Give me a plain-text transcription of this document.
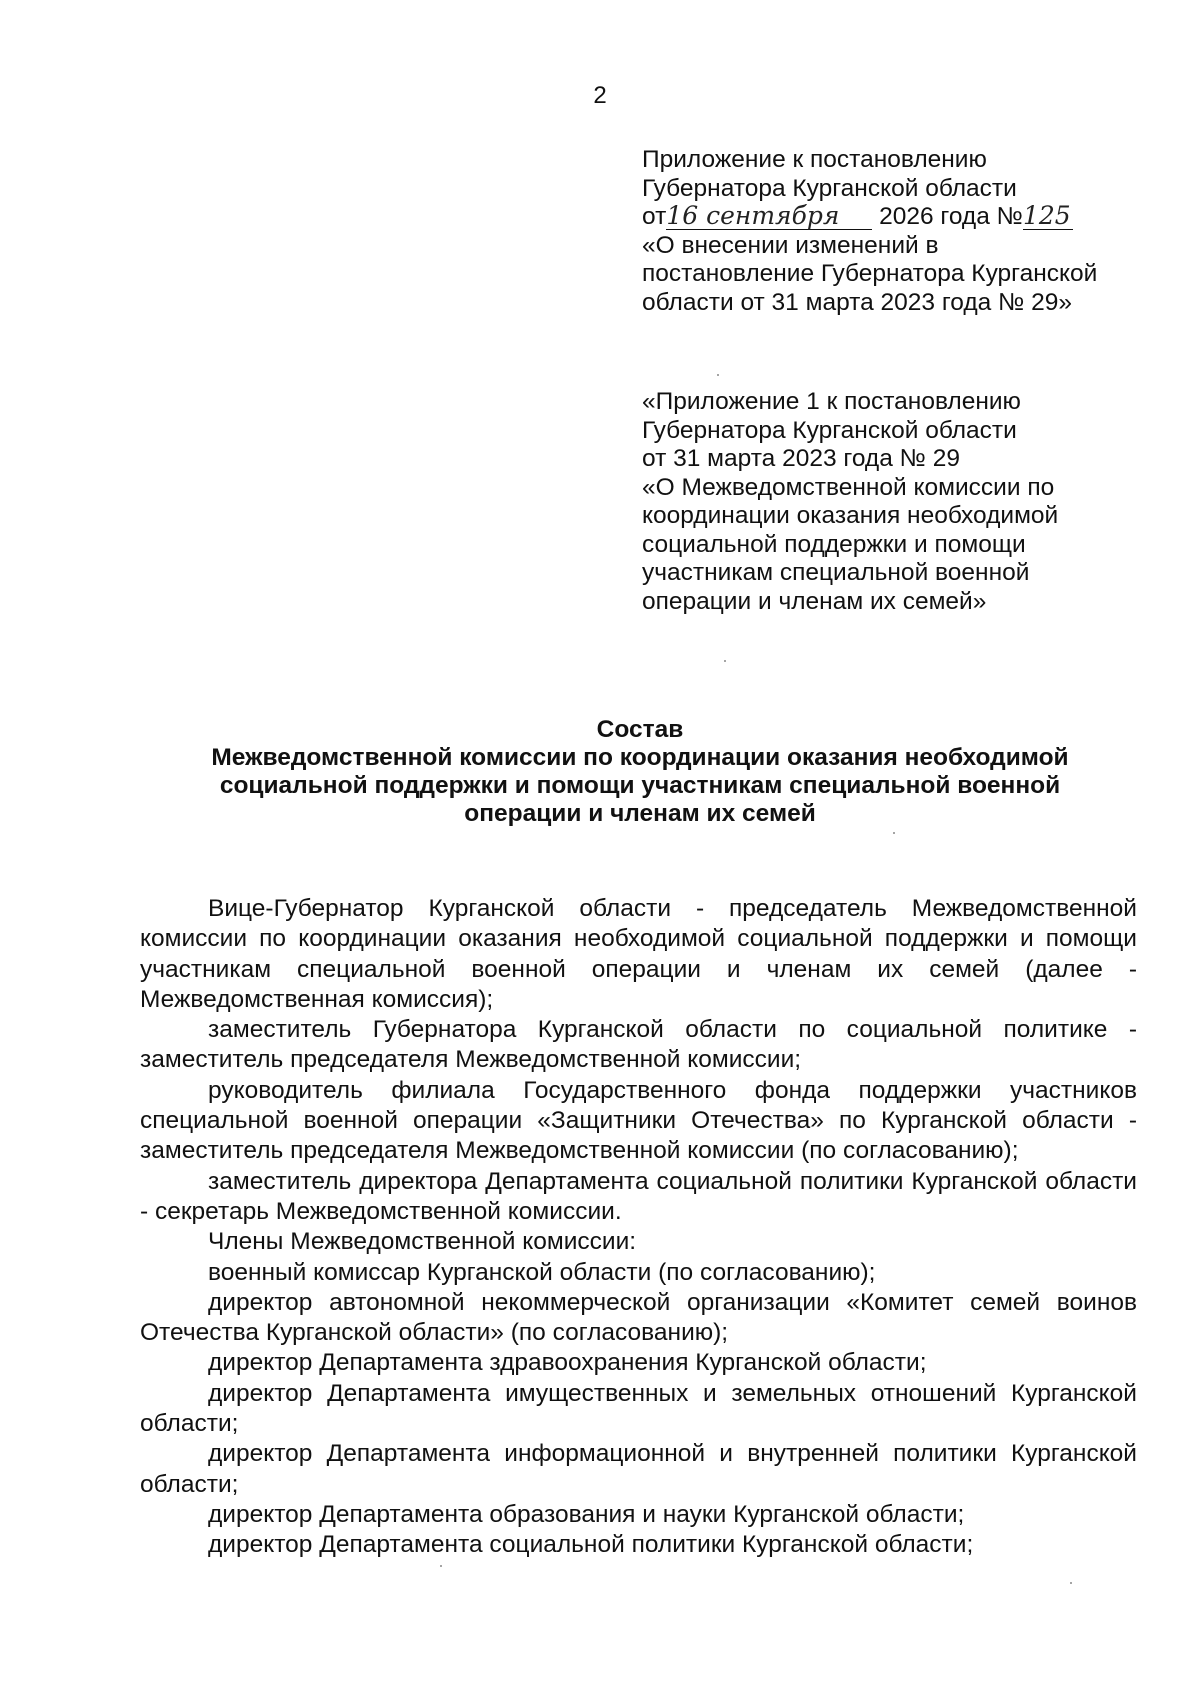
2
Приложение к постановлению
Губернатора Курганской области
от16 сентября 2026 года №125
«О внесении изменений в
постановление Губернатора Курганской
области от 31 марта 2023 года № 29»
«Приложение 1 к постановлению
Губернатора Курганской области
от 31 марта 2023 года № 29
«О Межведомственной комиссии по
координации оказания необходимой
социальной поддержки и помощи
участникам специальной военной
операции и членам их семей»
Состав
Межведомственной комиссии по координации оказания необходимой
социальной поддержки и помощи участникам специальной военной
операции и членам их семей

Вице-Губернатор Курганской области - председатель Межведомственной комиссии по координации оказания необходимой социальной поддержки и помощи участникам специальной военной операции и членам их семей (далее - Межведомственная комиссия);

заместитель Губернатора Курганской области по социальной политике - заместитель председателя Межведомственной комиссии;

руководитель филиала Государственного фонда поддержки участников специальной военной операции «Защитники Отечества» по Курганской области - заместитель председателя Межведомственной комиссии (по согласованию);

заместитель директора Департамента социальной политики Курганской области - секретарь Межведомственной комиссии.

Члены Межведомственной комиссии:

военный комиссар Курганской области (по согласованию);

директор автономной некоммерческой организации «Комитет семей воинов Отечества Курганской области» (по согласованию);

директор Департамента здравоохранения Курганской области;

директор Департамента имущественных и земельных отношений Курганской области;

директор Департамента информационной и внутренней политики Курганской области;

директор Департамента образования и науки Курганской области;

директор Департамента социальной политики Курганской области;
